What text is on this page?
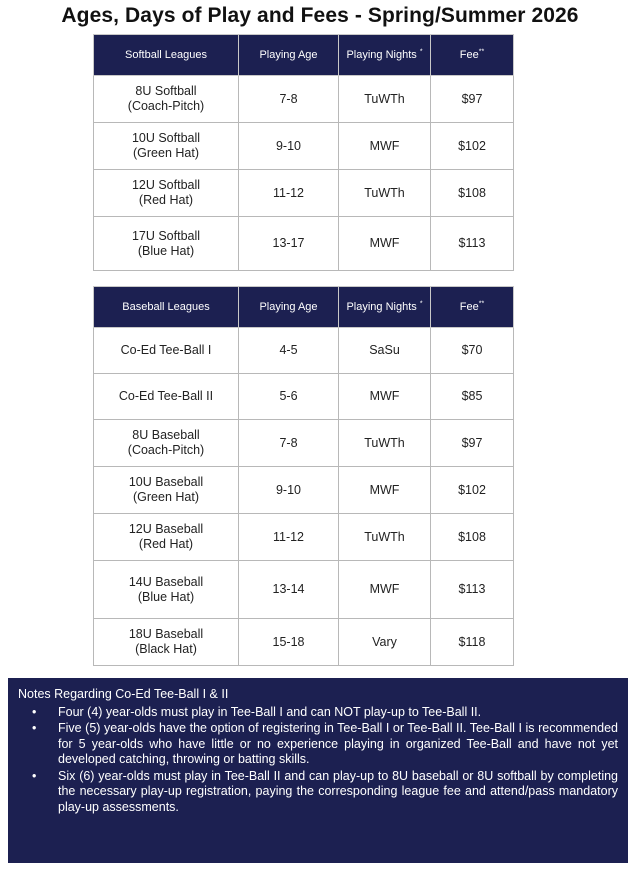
Ages, Days of Play and Fees - Spring/Summer 2026
Softball Leagues	Playing Age	Playing Nights *	Fee**

8U Softball
(Coach-Pitch)	7-8	TuWTh	$97

10U Softball
(Green Hat)	9-10	MWF	$102

12U Softball
(Red Hat)	11-12	TuWTh	$108

17U Softball
(Blue Hat)	13-17	MWF	$113
Baseball Leagues	Playing Age	Playing Nights *	Fee**

Co-Ed Tee-Ball I	4-5	SaSu	$70

Co-Ed Tee-Ball II	5-6	MWF	$85

8U Baseball
(Coach-Pitch)	7-8	TuWTh	$97

10U Baseball
(Green Hat)	9-10	MWF	$102

12U Baseball
(Red Hat)	11-12	TuWTh	$108

14U Baseball
(Blue Hat)	13-14	MWF	$113

18U Baseball
(Black Hat)	15-18	Vary	$118
Notes Regarding Co-Ed Tee-Ball I & II
• Four (4) year-olds must play in Tee-Ball I and can NOT play-up to Tee-Ball II.
• Five (5) year-olds have the option of registering in Tee-Ball I or Tee-Ball II. Tee-Ball I is recommended for 5 year-olds who have little or no experience playing in organized Tee-Ball and have not yet developed catching, throwing or batting skills.
• Six (6) year-olds must play in Tee-Ball II and can play-up to 8U baseball or 8U softball by completing the necessary play-up registration, paying the corresponding league fee and attend/pass mandatory play-up assessments.
